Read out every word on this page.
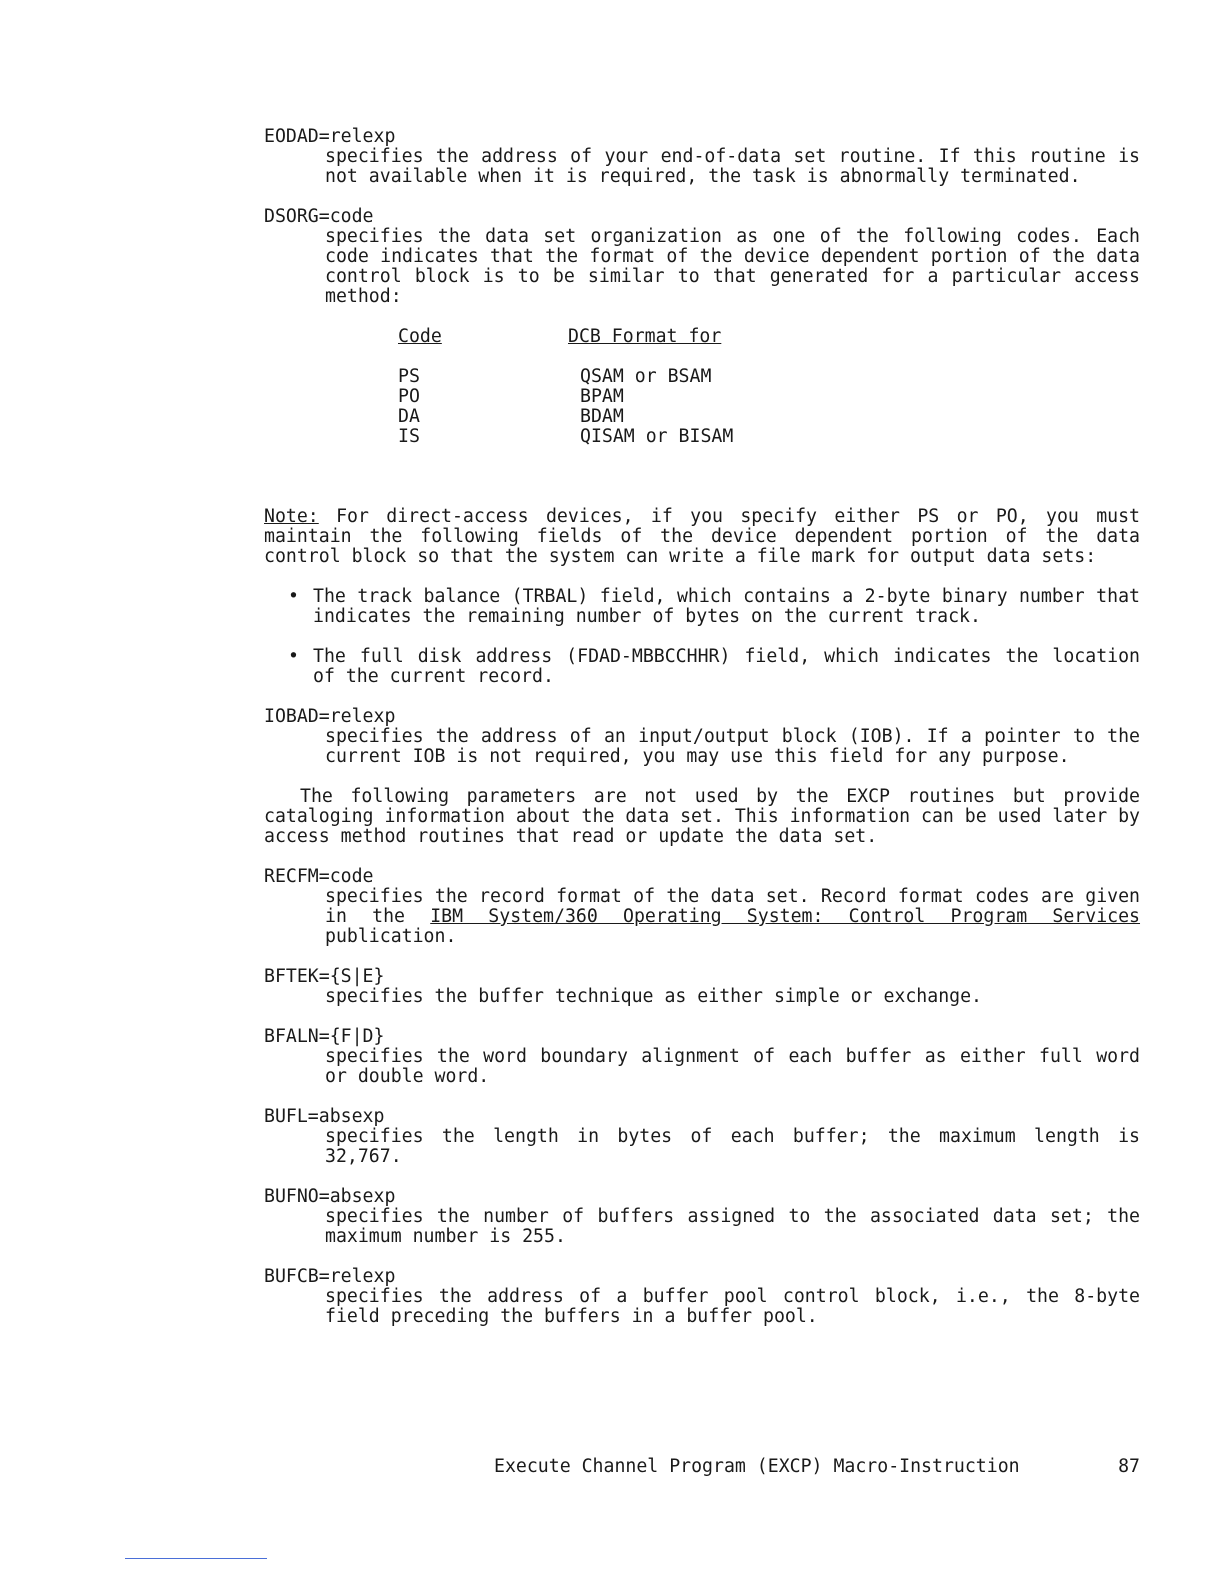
EODAD=relexp
specifies the address of your end-of-data set routine. If this routine is not available when it is required, the task is abnormally terminated.
DSORG=code
specifies the data set organization as one of the following codes. Each code indicates that the format of the device dependent portion of the data control block is to be similar to that generated for a particular access method:
Code	DCB Format for
PS	QSAM or BSAM
PO	BPAM
DA	BDAM
IS	QISAM or BISAM
Note: For direct-access devices, if you specify either PS or PO, you must maintain the following fields of the device dependent portion of the data control block so that the system can write a file mark for output data sets:
• The track balance (TRBAL) field, which contains a 2-byte binary number that indicates the remaining number of bytes on the current track.
• The full disk address (FDAD-MBBCCHHR) field, which indicates the location of the current record.
IOBAD=relexp
specifies the address of an input/output block (IOB). If a pointer to the current IOB is not required, you may use this field for any purpose.
The following parameters are not used by the EXCP routines but provide cataloging information about the data set. This information can be used later by access method routines that read or update the data set.
RECFM=code
specifies the record format of the data set. Record format codes are given in the IBM System/360 Operating System: Control Program Services publication.
BFTEK={S|E}
specifies the buffer technique as either simple or exchange.
BFALN={F|D}
specifies the word boundary alignment of each buffer as either full word or double word.
BUFL=absexp
specifies the length in bytes of each buffer; the maximum length is 32,767.
BUFNO=absexp
specifies the number of buffers assigned to the associated data set; the maximum number is 255.
BUFCB=relexp
specifies the address of a buffer pool control block, i.e., the 8-byte field preceding the buffers in a buffer pool.
Execute Channel Program (EXCP) Macro-Instruction	87
